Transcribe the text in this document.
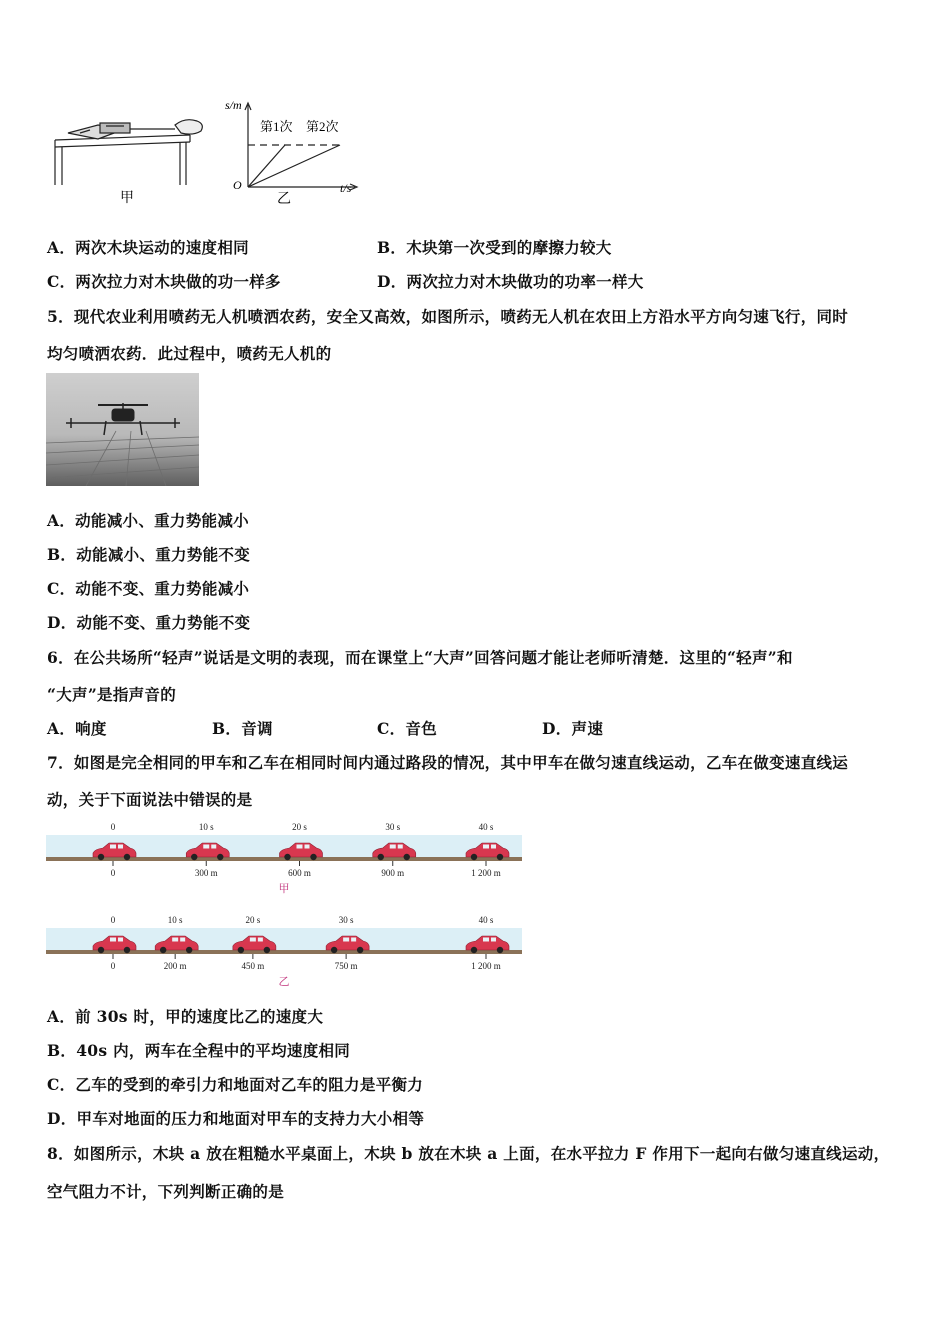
甲
s/m
t/s
O
第1次 第2次
乙
A．两次木块运动的速度相同	B．木块第一次受到的摩擦力较大
C．两次拉力对木块做的功一样多	D．两次拉力对木块做功的功率一样大
5．现代农业利用喷药无人机喷洒农药，安全又高效，如图所示，喷药无人机在农田上方沿水平方向匀速飞行，同时
均匀喷洒农药．此过程中，喷药无人机的
A．动能减小、重力势能减小
B．动能减小、重力势能不变
C．动能不变、重力势能减小
D．动能不变、重力势能不变
6．在公共场所“轻声”说话是文明的表现，而在课堂上“大声”回答问题才能让老师听清楚．这里的“轻声”和
“大声”是指声音的
A．响度	B．音调	C．音色	D．声速
7．如图是完全相同的甲车和乙车在相同时间内通过路段的情况，其中甲车在做匀速直线运动，乙车在做变速直线运
动，关于下面说法中错误的是
0
0
10 s
300 m
20 s
600 m
30 s
900 m
40 s
1 200 m
0
0
10 s
200 m
20 s
450 m
30 s
750 m
40 s
1 200 m
甲
乙
A．前 30s 时，甲的速度比乙的速度大
B．40s 内，两车在全程中的平均速度相同
C．乙车的受到的牵引力和地面对乙车的阻力是平衡力
D．甲车对地面的压力和地面对甲车的支持力大小相等
8．如图所示，木块 a 放在粗糙水平桌面上，木块 b 放在木块 a 上面，在水平拉力 F 作用下一起向右做匀速直线运动，
空气阻力不计，下列判断正确的是
